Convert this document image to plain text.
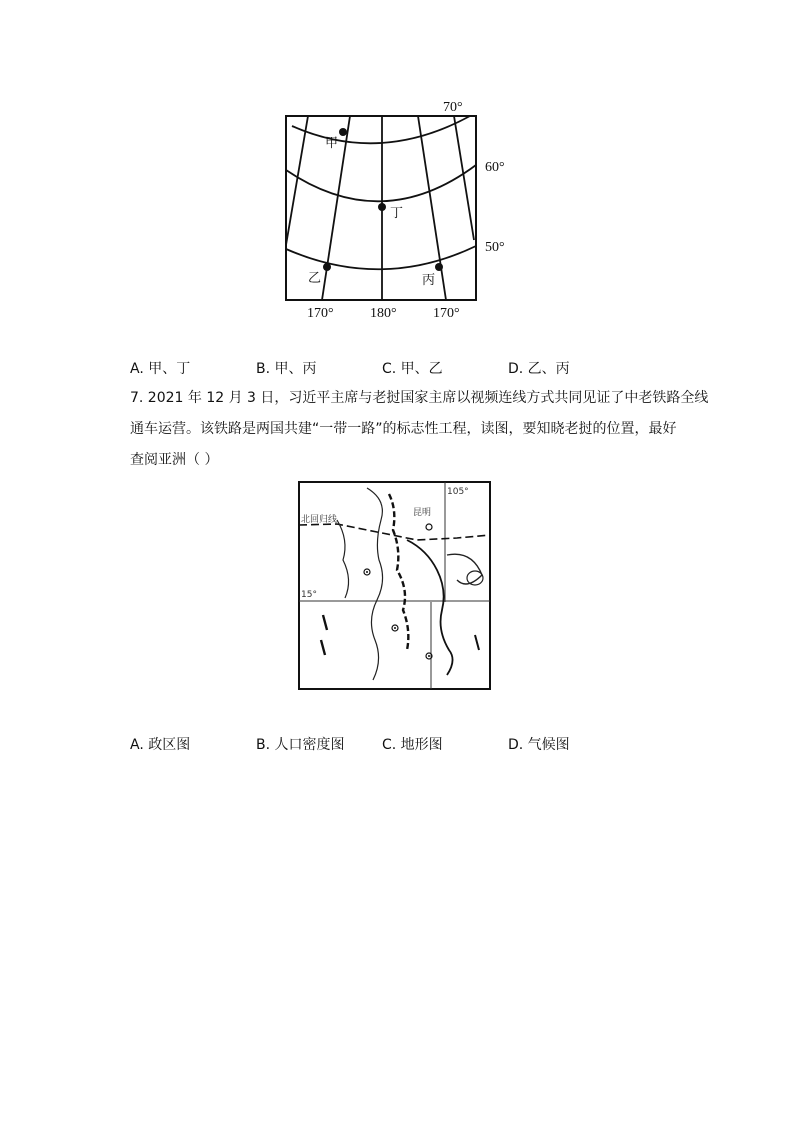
甲
丁
乙	丙
70°
60°
50°
170°	180°	170°
A. 甲、丁	B. 甲、丙	C. 甲、乙	D. 乙、丙
7. 2021 年 12 月 3 日，习近平主席与老挝国家主席以视频连线方式共同见证了中老铁路全线
通车运营。该铁路是两国共建“一带一路”的标志性工程，读图，要知晓老挝的位置，最好
查阅亚洲（ ）
北回归线
昆明
105°
15°
A. 政区图	B. 人口密度图	C. 地形图	D. 气候图
